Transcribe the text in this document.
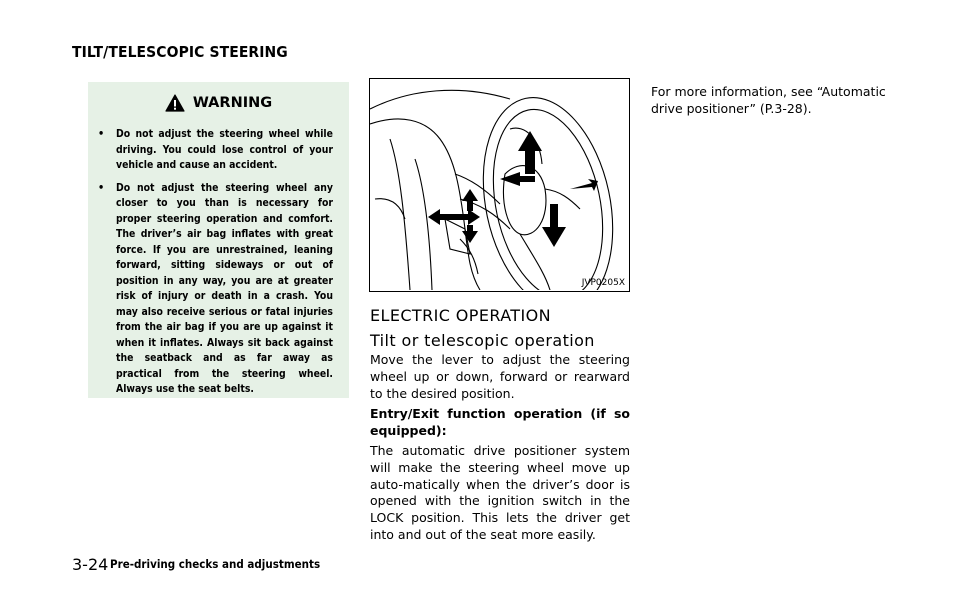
TILT/TELESCOPIC STEERING
WARNING
•	Do not adjust the steering wheel while driving. You could lose control of your vehicle and cause an accident.
•	Do not adjust the steering wheel any closer to you than is necessary for proper steering operation and comfort. The driver’s air bag inflates with great force. If you are unrestrained, leaning forward, sitting sideways or out of position in any way, you are at greater risk of injury or death in a crash. You may also receive serious or fatal injuries from the air bag if you are up against it when it inflates. Always sit back against the seatback and as far away as practical from the steering wheel. Always use the seat belts.
JVP0205X
ELECTRIC OPERATION
Tilt or telescopic operation
Move the lever to adjust the steering wheel up or down, forward or rearward to the desired position.
Entry/Exit function operation (if so equipped):
The automatic drive positioner system will make the steering wheel move up auto-matically when the driver’s door is opened with the ignition switch in the LOCK position. This lets the driver get into and out of the seat more easily.
For more information, see “Automatic drive positioner” (P.3-28).
3-24 Pre-driving checks and adjustments
